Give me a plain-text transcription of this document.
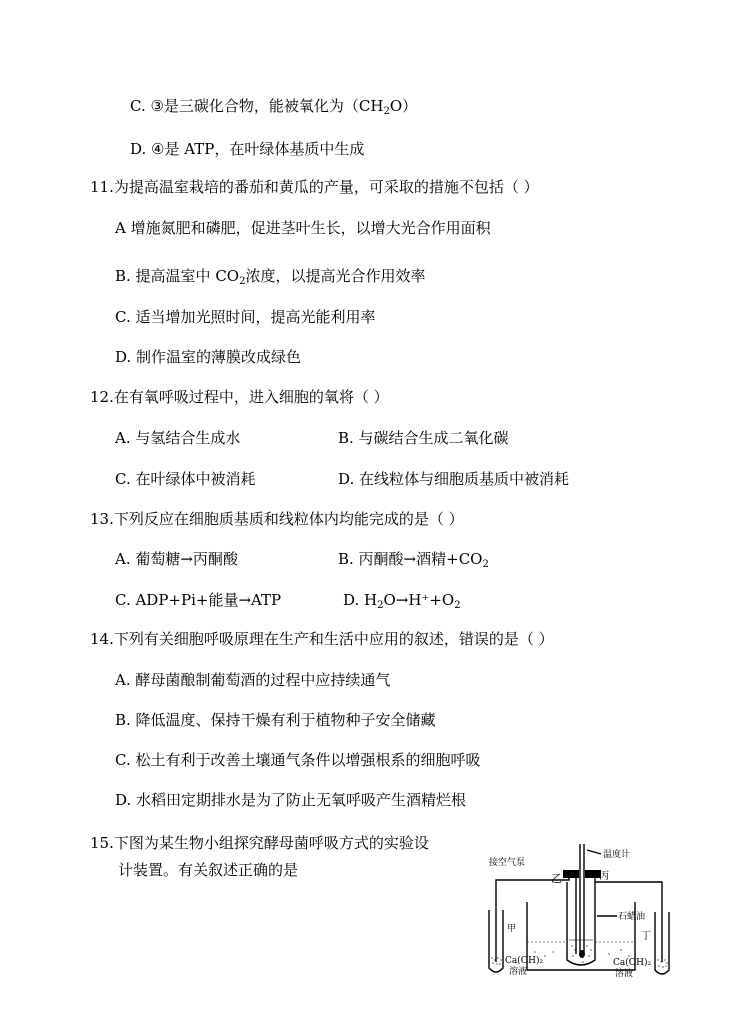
C. ③是三碳化合物，能被氧化为$(CH_2O)$
D. ④是 ATP，在叶绿体基质中生成
11.为提高温室栽培的番茄和黄瓜的产量，可采取的措施不包括（ ）
A 增施氮肥和磷肥，促进茎叶生长，以增大光合作用面积
B. 提高温室中 $CO_2$浓度，以提高光合作用效率
C. 适当增加光照时间，提高光能利用率
D. 制作温室的薄膜改成绿色
12.在有氧呼吸过程中，进入细胞的氧将（ ）
A. 与氢结合生成水	B. 与碳结合生成二氧化碳
C. 在叶绿体中被消耗	D. 在线粒体与细胞质基质中被消耗
13.下列反应在细胞质基质和线粒体内均能完成的是（ ）
A. 葡萄糖→丙酮酸	B. 丙酮酸→酒精$+CO_2$
C. ADP+Pi+能量→ATP	D. $H_2O\to H^++O_2$
14.下列有关细胞呼吸原理在生产和生活中应用的叙述，错误的是（ ）
A. 酵母菌酿制葡萄酒的过程中应持续通气
B. 降低温度、保持干燥有利于植物种子安全储藏
C. 松土有利于改善土壤通气条件以增强根系的细胞呼吸
D. 水稻田定期排水是为了防止无氧呼吸产生酒精烂根
15.下图为某生物小组探究酵母菌呼吸方式的实验设
计装置。有关叙述正确的是	接空气泵
温度计
乙	丙
石蜡油
甲
丁
Ca(OH)₂
溶液
Ca(OH)₂
溶液
